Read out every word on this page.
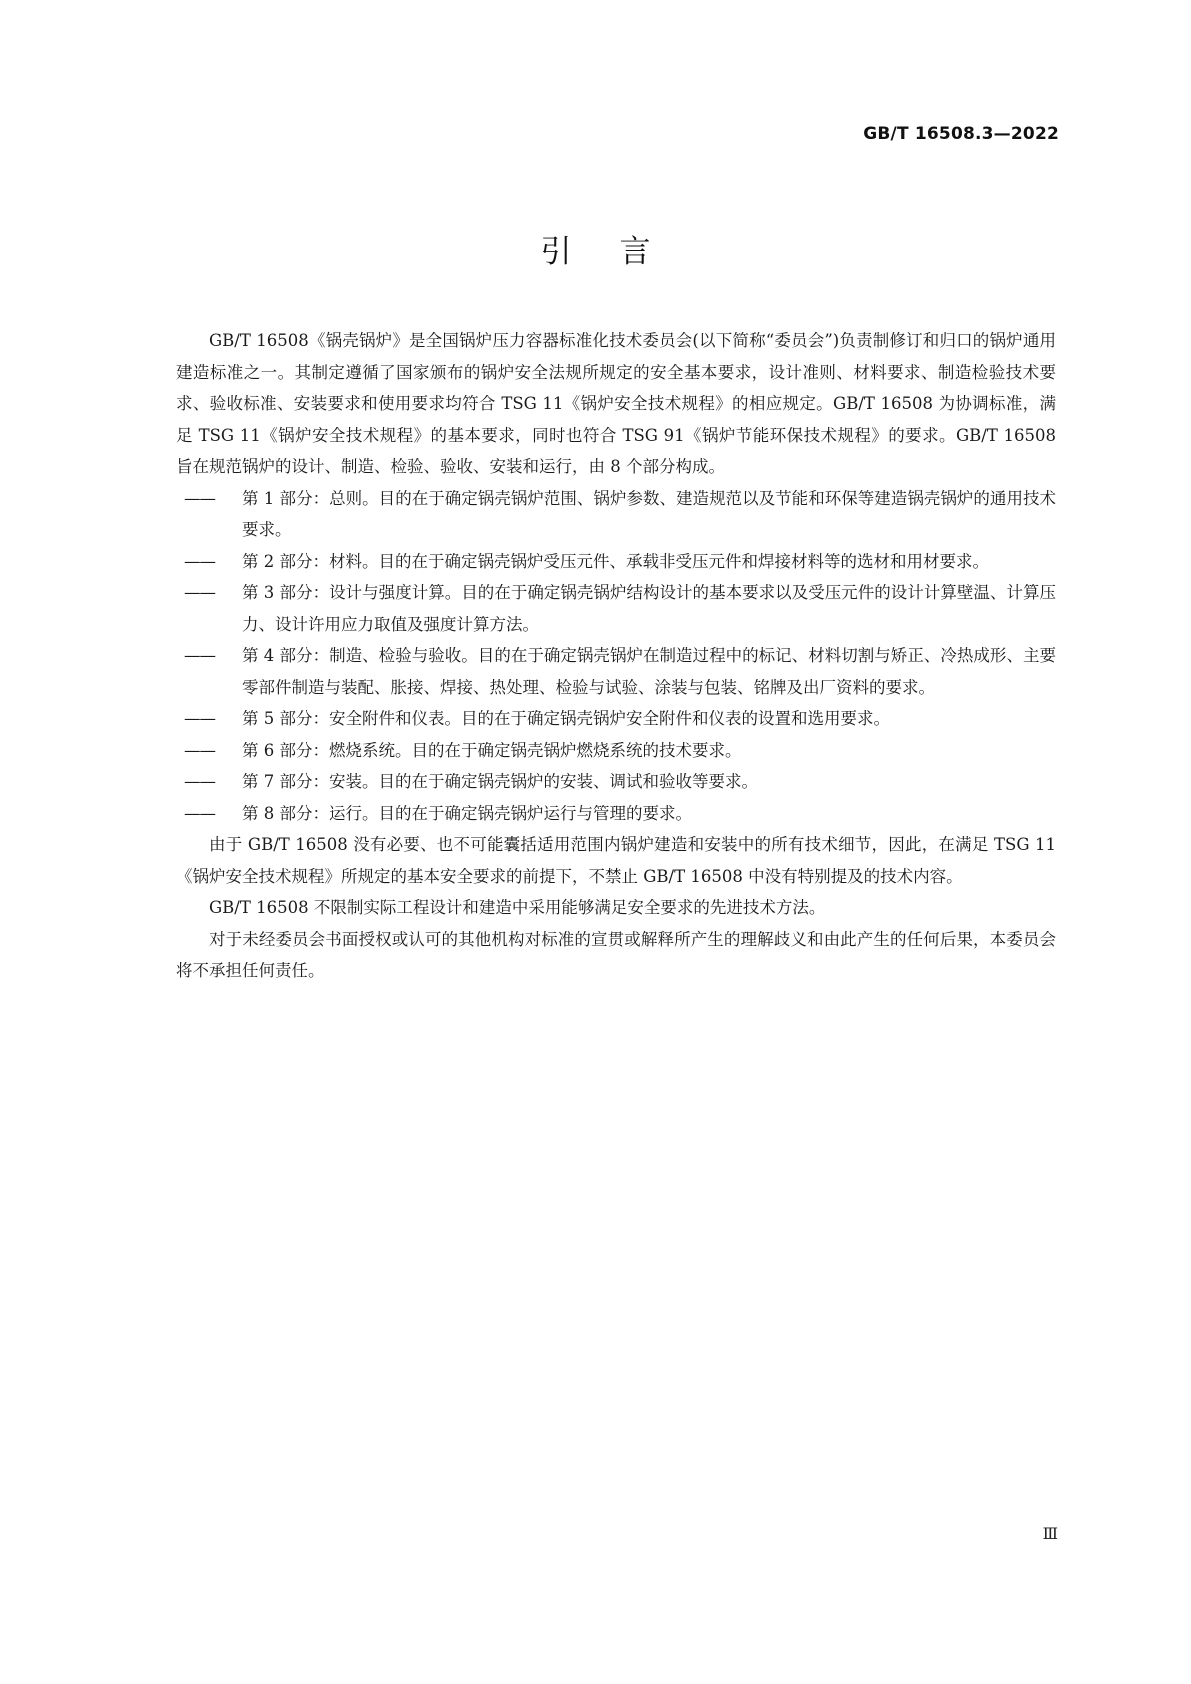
GB/T 16508.3—2022
引言

GB/T 16508《锅壳锅炉》是全国锅炉压力容器标准化技术委员会(以下简称“委员会”)负责制修订和归口的锅炉通用建造标准之一。其制定遵循了国家颁布的锅炉安全法规所规定的安全基本要求，设计准则、材料要求、制造检验技术要求、验收标准、安装要求和使用要求均符合 TSG 11《锅炉安全技术规程》的相应规定。GB/T 16508 为协调标准，满足 TSG 11《锅炉安全技术规程》的基本要求，同时也符合 TSG 91《锅炉节能环保技术规程》的要求。GB/T 16508 旨在规范锅炉的设计、制造、检验、验收、安装和运行，由 8 个部分构成。

——	第 1 部分：总则。目的在于确定锅壳锅炉范围、锅炉参数、建造规范以及节能和环保等建造锅壳锅炉的通用技术要求。
——	第 2 部分：材料。目的在于确定锅壳锅炉受压元件、承载非受压元件和焊接材料等的选材和用材要求。
——	第 3 部分：设计与强度计算。目的在于确定锅壳锅炉结构设计的基本要求以及受压元件的设计计算壁温、计算压力、设计许用应力取值及强度计算方法。
——	第 4 部分：制造、检验与验收。目的在于确定锅壳锅炉在制造过程中的标记、材料切割与矫正、冷热成形、主要零部件制造与装配、胀接、焊接、热处理、检验与试验、涂装与包装、铭牌及出厂资料的要求。
——	第 5 部分：安全附件和仪表。目的在于确定锅壳锅炉安全附件和仪表的设置和选用要求。
——	第 6 部分：燃烧系统。目的在于确定锅壳锅炉燃烧系统的技术要求。
——	第 7 部分：安装。目的在于确定锅壳锅炉的安装、调试和验收等要求。
——	第 8 部分：运行。目的在于确定锅壳锅炉运行与管理的要求。

由于 GB/T 16508 没有必要、也不可能囊括适用范围内锅炉建造和安装中的所有技术细节，因此，在满足 TSG 11《锅炉安全技术规程》所规定的基本安全要求的前提下，不禁止 GB/T 16508 中没有特别提及的技术内容。

GB/T 16508 不限制实际工程设计和建造中采用能够满足安全要求的先进技术方法。

对于未经委员会书面授权或认可的其他机构对标准的宣贯或解释所产生的理解歧义和由此产生的任何后果，本委员会将不承担任何责任。

Ⅲ
